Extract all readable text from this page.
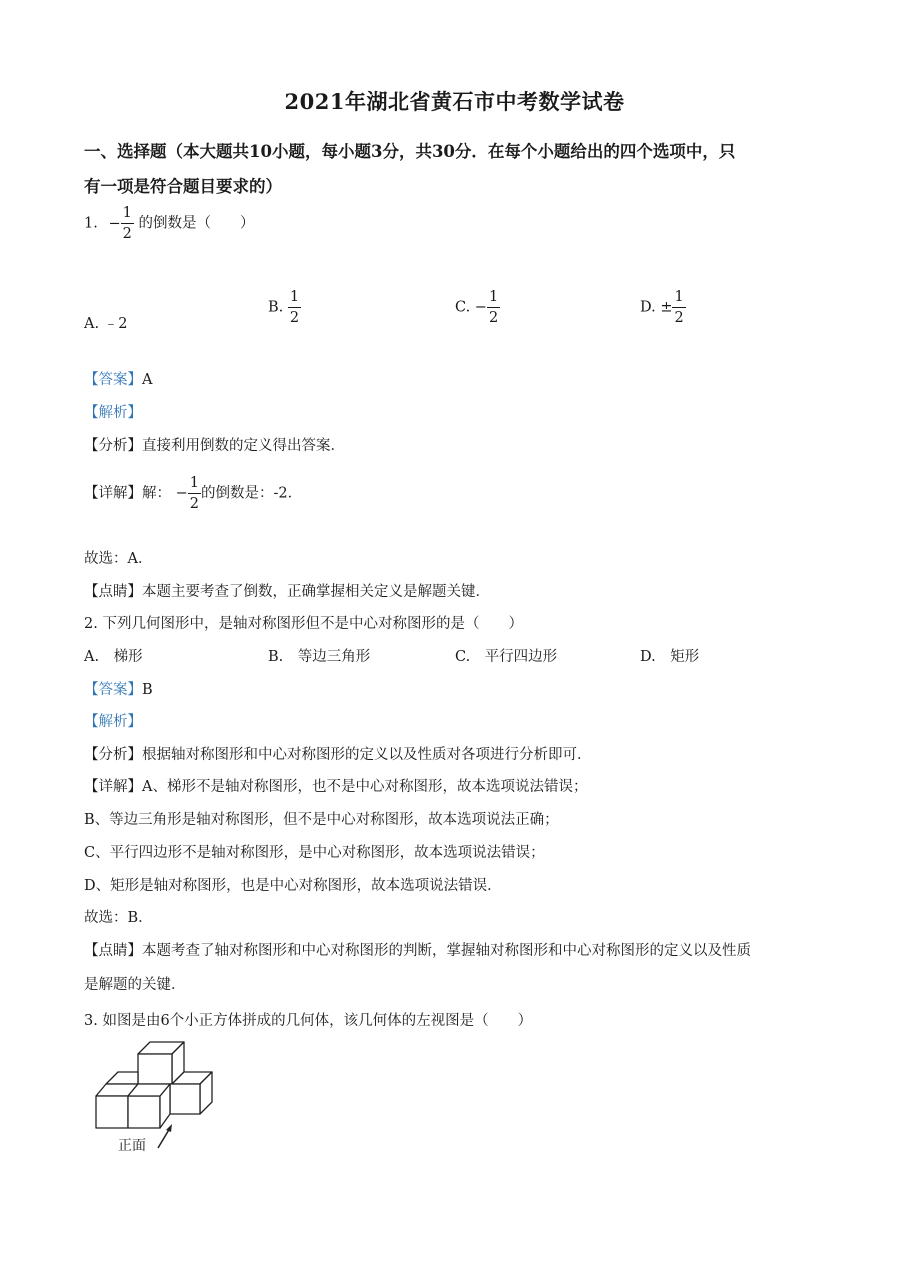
2021年湖北省黄石市中考数学试卷
一、选择题（本大题共10小题，每小题3分，共30分．在每个小题给出的四个选项中，只
有一项是符合题目要求的）
1. − $\frac{1}{2}$ 的倒数是（　　）
A. ﹣2
B. $\frac{1}{2}$	C. − $\frac{1}{2}$	D. ± $\frac{1}{2}$
【答案】A
【解析】
【分析】直接利用倒数的定义得出答案．
【详解】解： − $\frac{1}{2}$ 的倒数是：-2．
故选：A．
【点睛】本题主要考查了倒数，正确掌握相关定义是解题关键．
2. 下列几何图形中，是轴对称图形但不是中心对称图形的是（　　）
A.　梯形	B.　等边三角形	C.　平行四边形	D.　矩形
【答案】B
【解析】
【分析】根据轴对称图形和中心对称图形的定义以及性质对各项进行分析即可．
【详解】A、梯形不是轴对称图形，也不是中心对称图形，故本选项说法错误；
B、等边三角形是轴对称图形，但不是中心对称图形，故本选项说法正确；
C、平行四边形不是轴对称图形，是中心对称图形，故本选项说法错误；
D、矩形是轴对称图形，也是中心对称图形，故本选项说法错误．
故选：B．
【点睛】本题考查了轴对称图形和中心对称图形的判断，掌握轴对称图形和中心对称图形的定义以及性质
是解题的关键．
3. 如图是由6个小正方体拼成的几何体，该几何体的左视图是（　　）
正面
